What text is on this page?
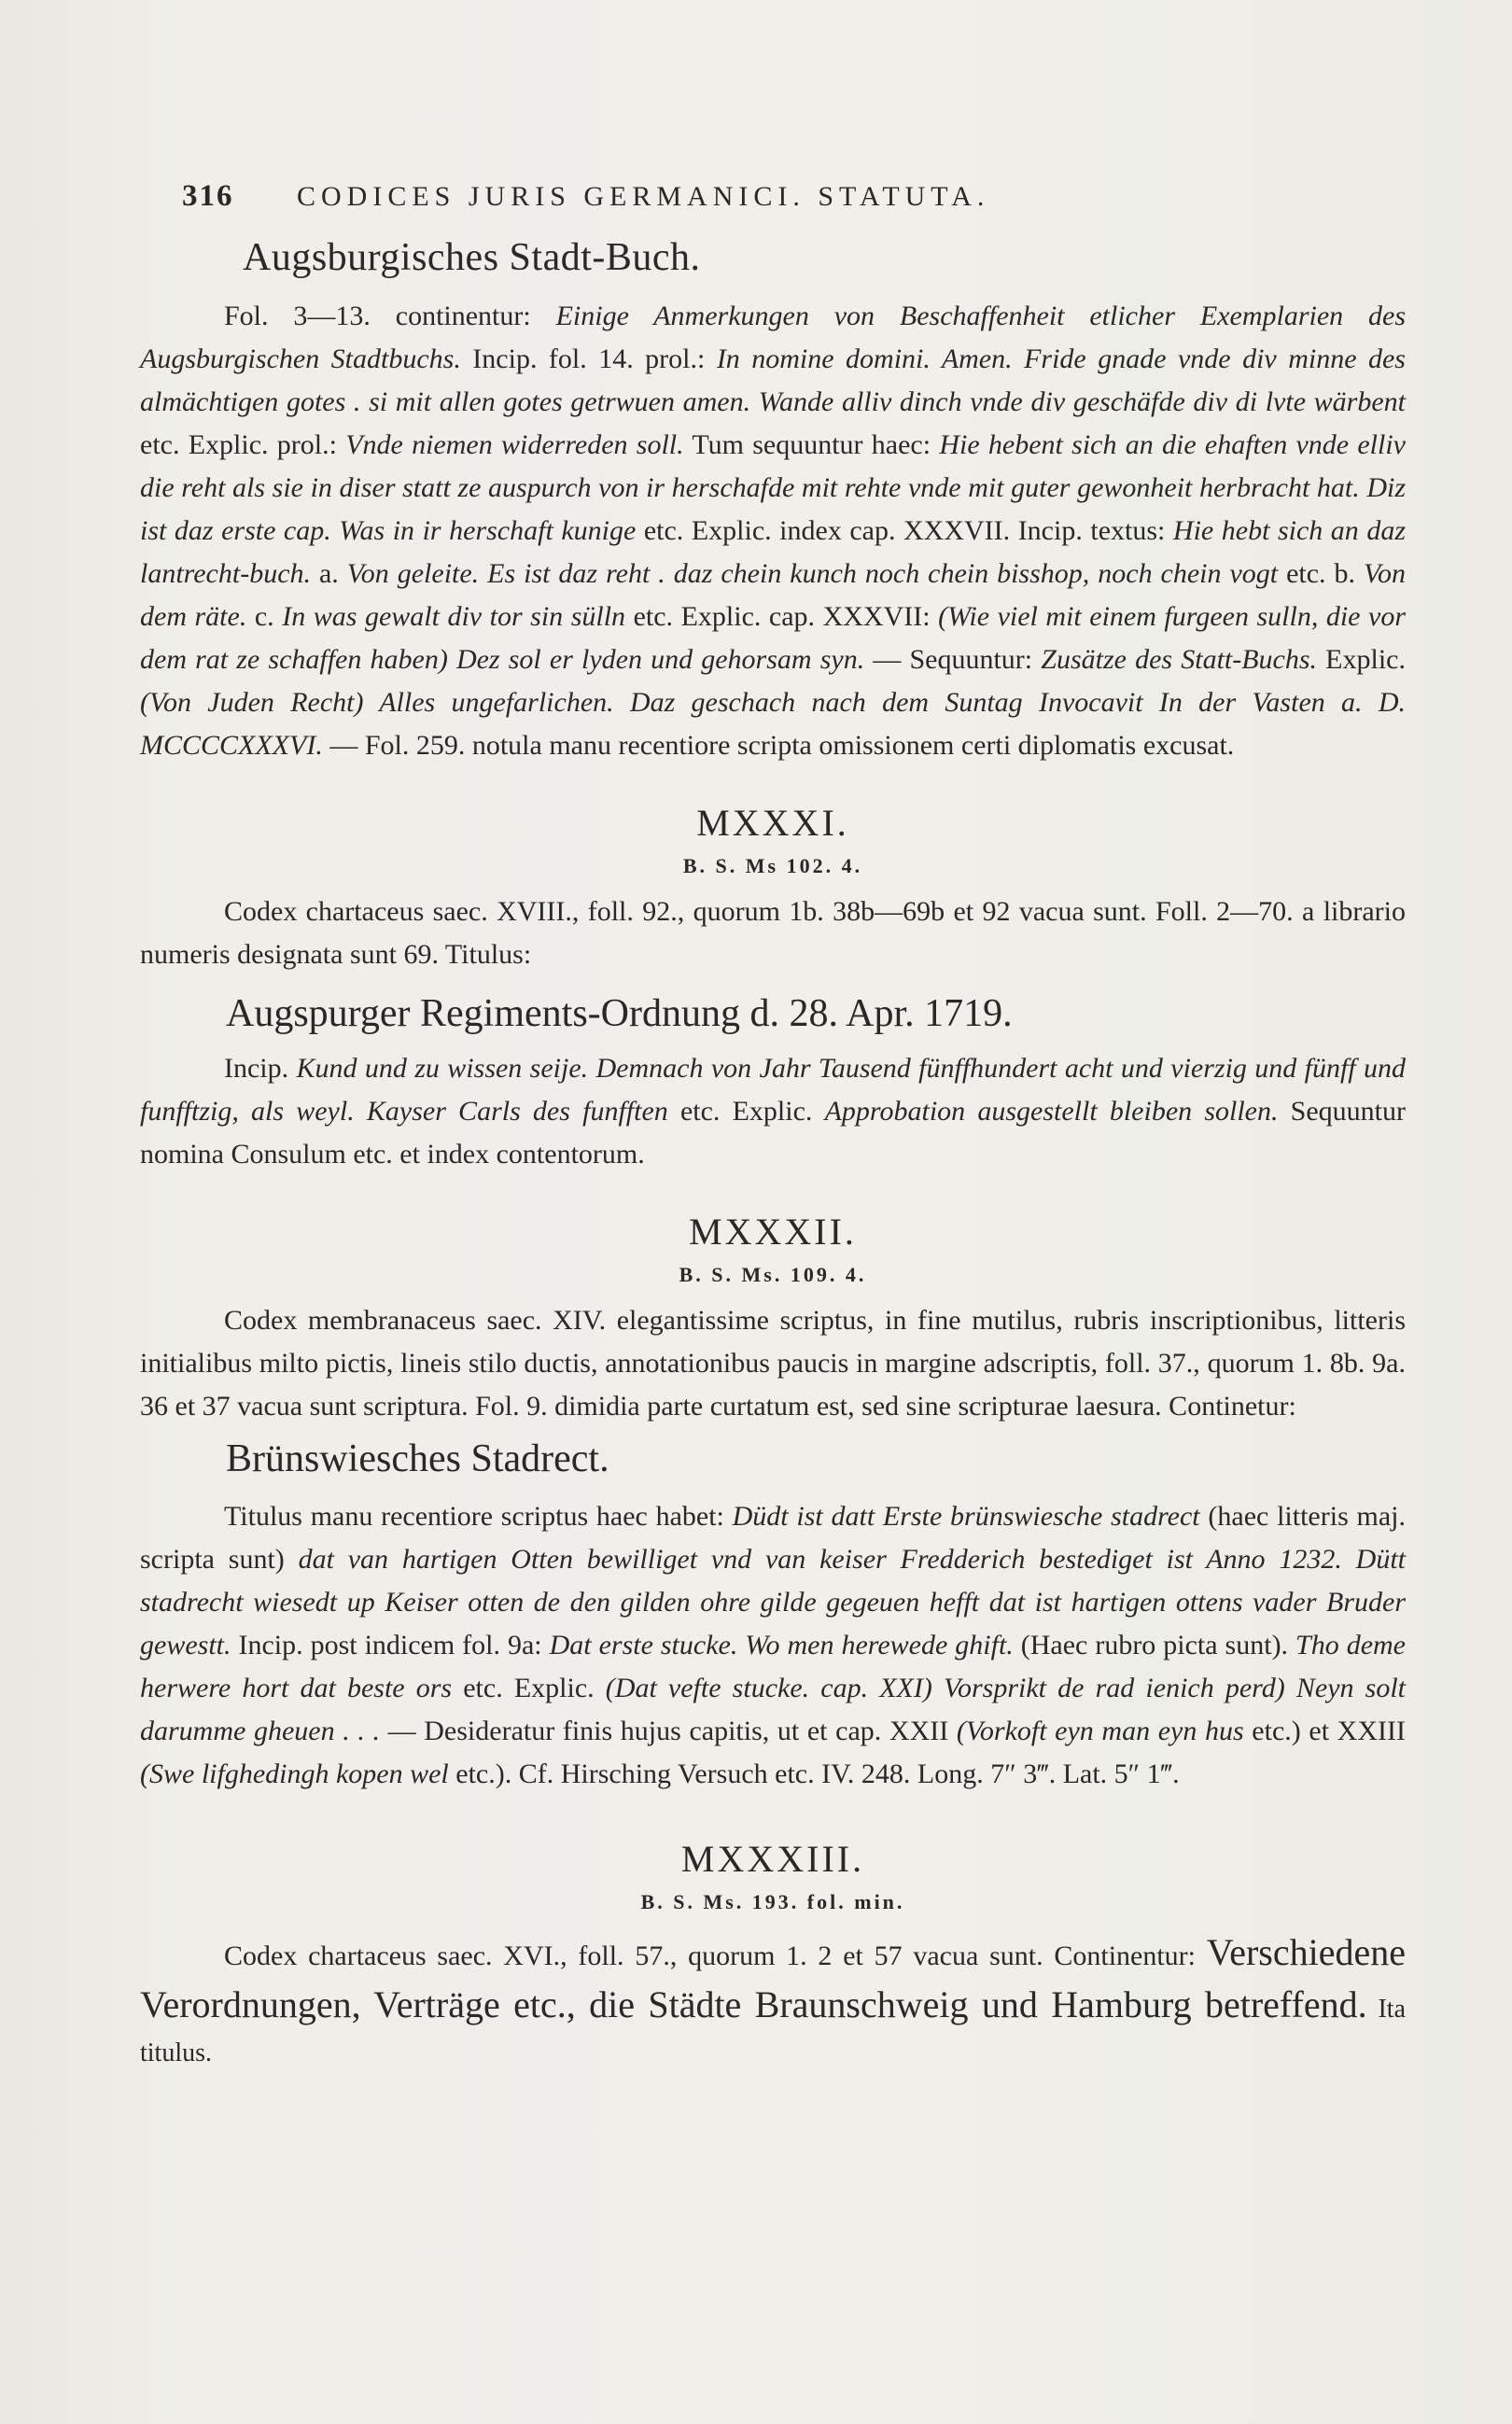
316 CODICES JURIS GERMANICI. STATUTA.
Augsburgisches Stadt-Buch.

Fol. 3—13. continentur: Einige Anmerkungen von Beschaffenheit etlicher Exemplarien des Augsburgischen Stadtbuchs. Incip. fol. 14. prol.: In nomine domini. Amen. Fride gnade vnde div minne des almächtigen gotes . si mit allen gotes getrwuen amen. Wande alliv dinch vnde div geschäfde div di lvte wärbent etc. Explic. prol.: Vnde niemen widerreden soll. Tum sequuntur haec: Hie hebent sich an die ehaften vnde elliv die reht als sie in diser statt ze auspurch von ir herschafde mit rehte vnde mit guter gewonheit herbracht hat. Diz ist daz erste cap. Was in ir herschaft kunige etc. Explic. index cap. XXXVII. Incip. textus: Hie hebt sich an daz lantrecht-buch. a. Von geleite. Es ist daz reht . daz chein kunch noch chein bisshop, noch chein vogt etc. b. Von dem räte. c. In was gewalt div tor sin sülln etc. Explic. cap. XXXVII: (Wie viel mit einem furgeen sulln, die vor dem rat ze schaffen haben) Dez sol er lyden und gehorsam syn. — Sequuntur: Zusätze des Statt-Buchs. Explic. (Von Juden Recht) Alles ungefarlichen. Daz geschach nach dem Suntag Invocavit In der Vasten a. D. MCCCCXXXVI. — Fol. 259. notula manu recentiore scripta omissionem certi diplomatis excusat.

MXXXI.
B. S. Ms 102. 4.

Codex chartaceus saec. XVIII., foll. 92., quorum 1b. 38b—69b et 92 vacua sunt. Foll. 2—70. a librario numeris designata sunt 69. Titulus:

Augspurger Regiments-Ordnung d. 28. Apr. 1719.

Incip. Kund und zu wissen seije. Demnach von Jahr Tausend fünffhundert acht und vierzig und fünff und funfftzig, als weyl. Kayser Carls des funfften etc. Explic. Approbation ausgestellt bleiben sollen. Sequuntur nomina Consulum etc. et index contentorum.

MXXXII.
B. S. Ms. 109. 4.

Codex membranaceus saec. XIV. elegantissime scriptus, in fine mutilus, rubris inscriptionibus, litteris initialibus milto pictis, lineis stilo ductis, annotationibus paucis in margine adscriptis, foll. 37., quorum 1. 8b. 9a. 36 et 37 vacua sunt scriptura. Fol. 9. dimidia parte curtatum est, sed sine scripturae laesura. Continetur:

Brünswiesches Stadrect.

Titulus manu recentiore scriptus haec habet: Düdt ist datt Erste brünswiesche stadrect (haec litteris maj. scripta sunt) dat van hartigen Otten bewilliget vnd van keiser Fredderich bestediget ist Anno 1232. Dütt stadrecht wiesedt up Keiser otten de den gilden ohre gilde gegeuen hefft dat ist hartigen ottens vader Bruder gewestt. Incip. post indicem fol. 9a: Dat erste stucke. Wo men herewede ghift. (Haec rubro picta sunt). Tho deme herwere hort dat beste ors etc. Explic. (Dat vefte stucke. cap. XXI) Vorsprikt de rad ienich perd) Neyn solt darumme gheuen . . . — Desideratur finis hujus capitis, ut et cap. XXII (Vorkoft eyn man eyn hus etc.) et XXIII (Swe lifghedingh kopen wel etc.). Cf. Hirsching Versuch etc. IV. 248. Long. 7″ 3‴. Lat. 5″ 1‴.

MXXXIII.
B. S. Ms. 193. fol. min.

Codex chartaceus saec. XVI., foll. 57., quorum 1. 2 et 57 vacua sunt. Continentur: Verschiedene Verordnungen, Verträge etc., die Städte Braunschweig und Hamburg betreffend. Ita titulus.
